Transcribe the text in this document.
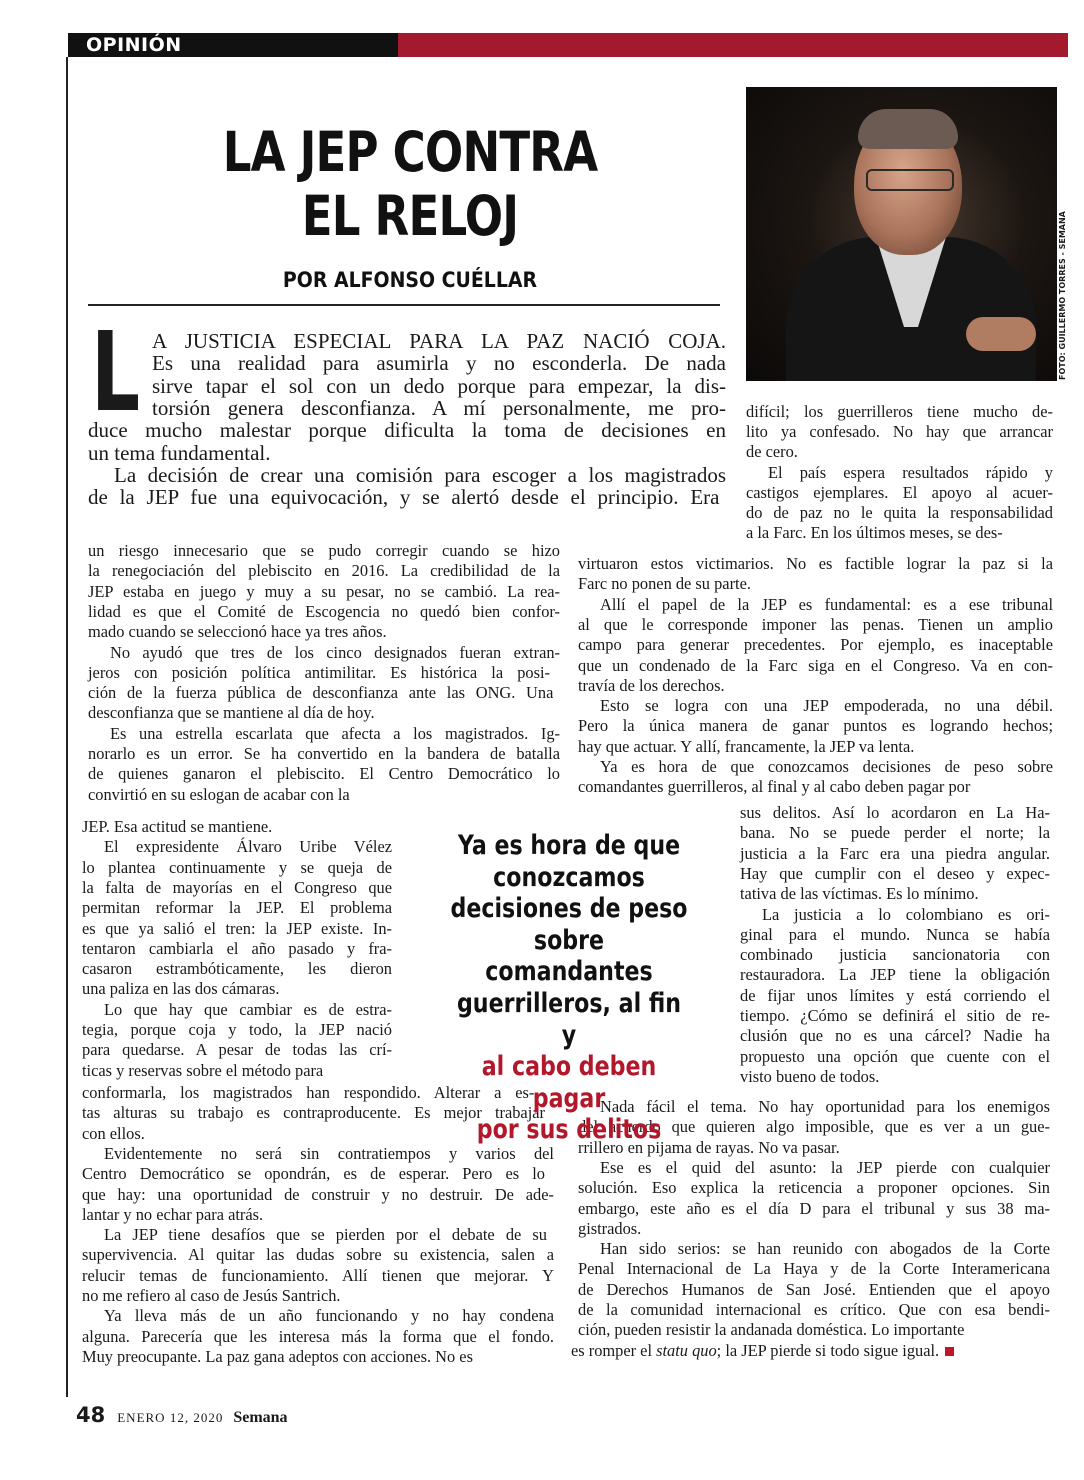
OPINIÓN
LA JEP CONTRA
EL RELOJ
POR ALFONSO CUÉLLAR	FOTO: GUILLERMO TORRES - SEMANA
L A JUSTICIA ESPECIAL PARA LA PAZ NACIÓ COJA.
Es una realidad para asumirla y no esconderla. De nada
sirve tapar el sol con un dedo porque para empezar, la dis-
torsión genera desconfianza. A mí personalmente, me pro-
duce mucho malestar porque dificulta la toma de decisiones en
un tema fundamental.
La decisión de crear una comisión para escoger a los magistrados
de la JEP fue una equivocación, y se alertó desde el principio. Era
un riesgo innecesario que se pudo corregir cuando se hizo
la renegociación del plebiscito en 2016. La credibilidad de la
JEP estaba en juego y muy a su pesar, no se cambió. La rea-
lidad es que el Comité de Escogencia no quedó bien confor-
mado cuando se seleccionó hace ya tres años.
No ayudó que tres de los cinco designados fueran extran-
jeros con posición política antimilitar. Es histórica la posi-
ción de la fuerza pública de desconfianza ante las ONG. Una
desconfianza que se mantiene al día de hoy.
Es una estrella escarlata que afecta a los magistrados. Ig-
norarlo es un error. Se ha convertido en la bandera de batalla
de quienes ganaron el plebiscito. El Centro Democrático lo
convirtió en su eslogan de acabar con la
JEP. Esa actitud se mantiene.
El expresidente Álvaro Uribe Vélez
lo plantea continuamente y se queja de
la falta de mayorías en el Congreso que
permitan reformar la JEP. El problema
es que ya salió el tren: la JEP existe. In-
tentaron cambiarla el año pasado y fra-
casaron estrambóticamente, les dieron
una paliza en las dos cámaras.
Lo que hay que cambiar es de estra-
tegia, porque coja y todo, la JEP nació
para quedarse. A pesar de todas las crí-
ticas y reservas sobre el método para
conformarla, los magistrados han respondido. Alterar a es-
tas alturas su trabajo es contraproducente. Es mejor trabajar
con ellos.
Evidentemente no será sin contratiempos y varios del
Centro Democrático se opondrán, es de esperar. Pero es lo
que hay: una oportunidad de construir y no destruir. De ade-
lantar y no echar para atrás.
La JEP tiene desafíos que se pierden por el debate de su
supervivencia. Al quitar las dudas sobre su existencia, salen a
relucir temas de funcionamiento. Allí tienen que mejorar. Y
no me refiero al caso de Jesús Santrich.
Ya lleva más de un año funcionando y no hay condena
alguna. Parecería que les interesa más la forma que el fondo.
Muy preocupante. La paz gana adeptos con acciones. No es
difícil; los guerrilleros tiene mucho de-
lito ya confesado. No hay que arrancar
de cero.
El país espera resultados rápido y
castigos ejemplares. El apoyo al acuer-
do de paz no le quita la responsabilidad
a la Farc. En los últimos meses, se des-
virtuaron estos victimarios. No es factible lograr la paz si la
Farc no ponen de su parte.
Allí el papel de la JEP es fundamental: es a ese tribunal
al que le corresponde imponer las penas. Tienen un amplio
campo para generar precedentes. Por ejemplo, es inaceptable
que un condenado de la Farc siga en el Congreso. Va en con-
travía de los derechos.
Esto se logra con una JEP empoderada, no una débil.
Pero la única manera de ganar puntos es logrando hechos;
hay que actuar. Y allí, francamente, la JEP va lenta.
Ya es hora de que conozcamos decisiones de peso sobre
comandantes guerrilleros, al final y al cabo deben pagar por
sus delitos. Así lo acordaron en La Ha-
bana. No se puede perder el norte; la
justicia a la Farc era una piedra angular.
Hay que cumplir con el deseo y expec-
tativa de las víctimas. Es lo mínimo.
La justicia a lo colombiano es ori-
ginal para el mundo. Nunca se había
combinado justicia sancionatoria con
restauradora. La JEP tiene la obligación
de fijar unos límites y está corriendo el
tiempo. ¿Cómo se definirá el sitio de re-
clusión que no es una cárcel? Nadie ha
propuesto una opción que cuente con el
visto bueno de todos.
Nada fácil el tema. No hay oportunidad para los enemigos
del acuerdo que quieren algo imposible, que es ver a un gue-
rrillero en pijama de rayas. No va pasar.
Ese es el quid del asunto: la JEP pierde con cualquier
solución. Eso explica la reticencia a proponer opciones. Sin
embargo, este año es el día D para el tribunal y sus 38 ma-
gistrados.
Han sido serios: se han reunido con abogados de la Corte
Penal Internacional de La Haya y de la Corte Interamericana
de Derechos Humanos de San José. Entienden que el apoyo
de la comunidad internacional es crítico. Que con esa bendi-
ción, pueden resistir la andanada doméstica. Lo importante
es romper el statu quo; la JEP pierde si todo sigue igual.
Ya es hora de que
conozcamos
decisiones de peso
sobre comandantes
guerrilleros, al fin y
al cabo deben pagar
por sus delitos
48 ENERO 12, 2020 Semana
